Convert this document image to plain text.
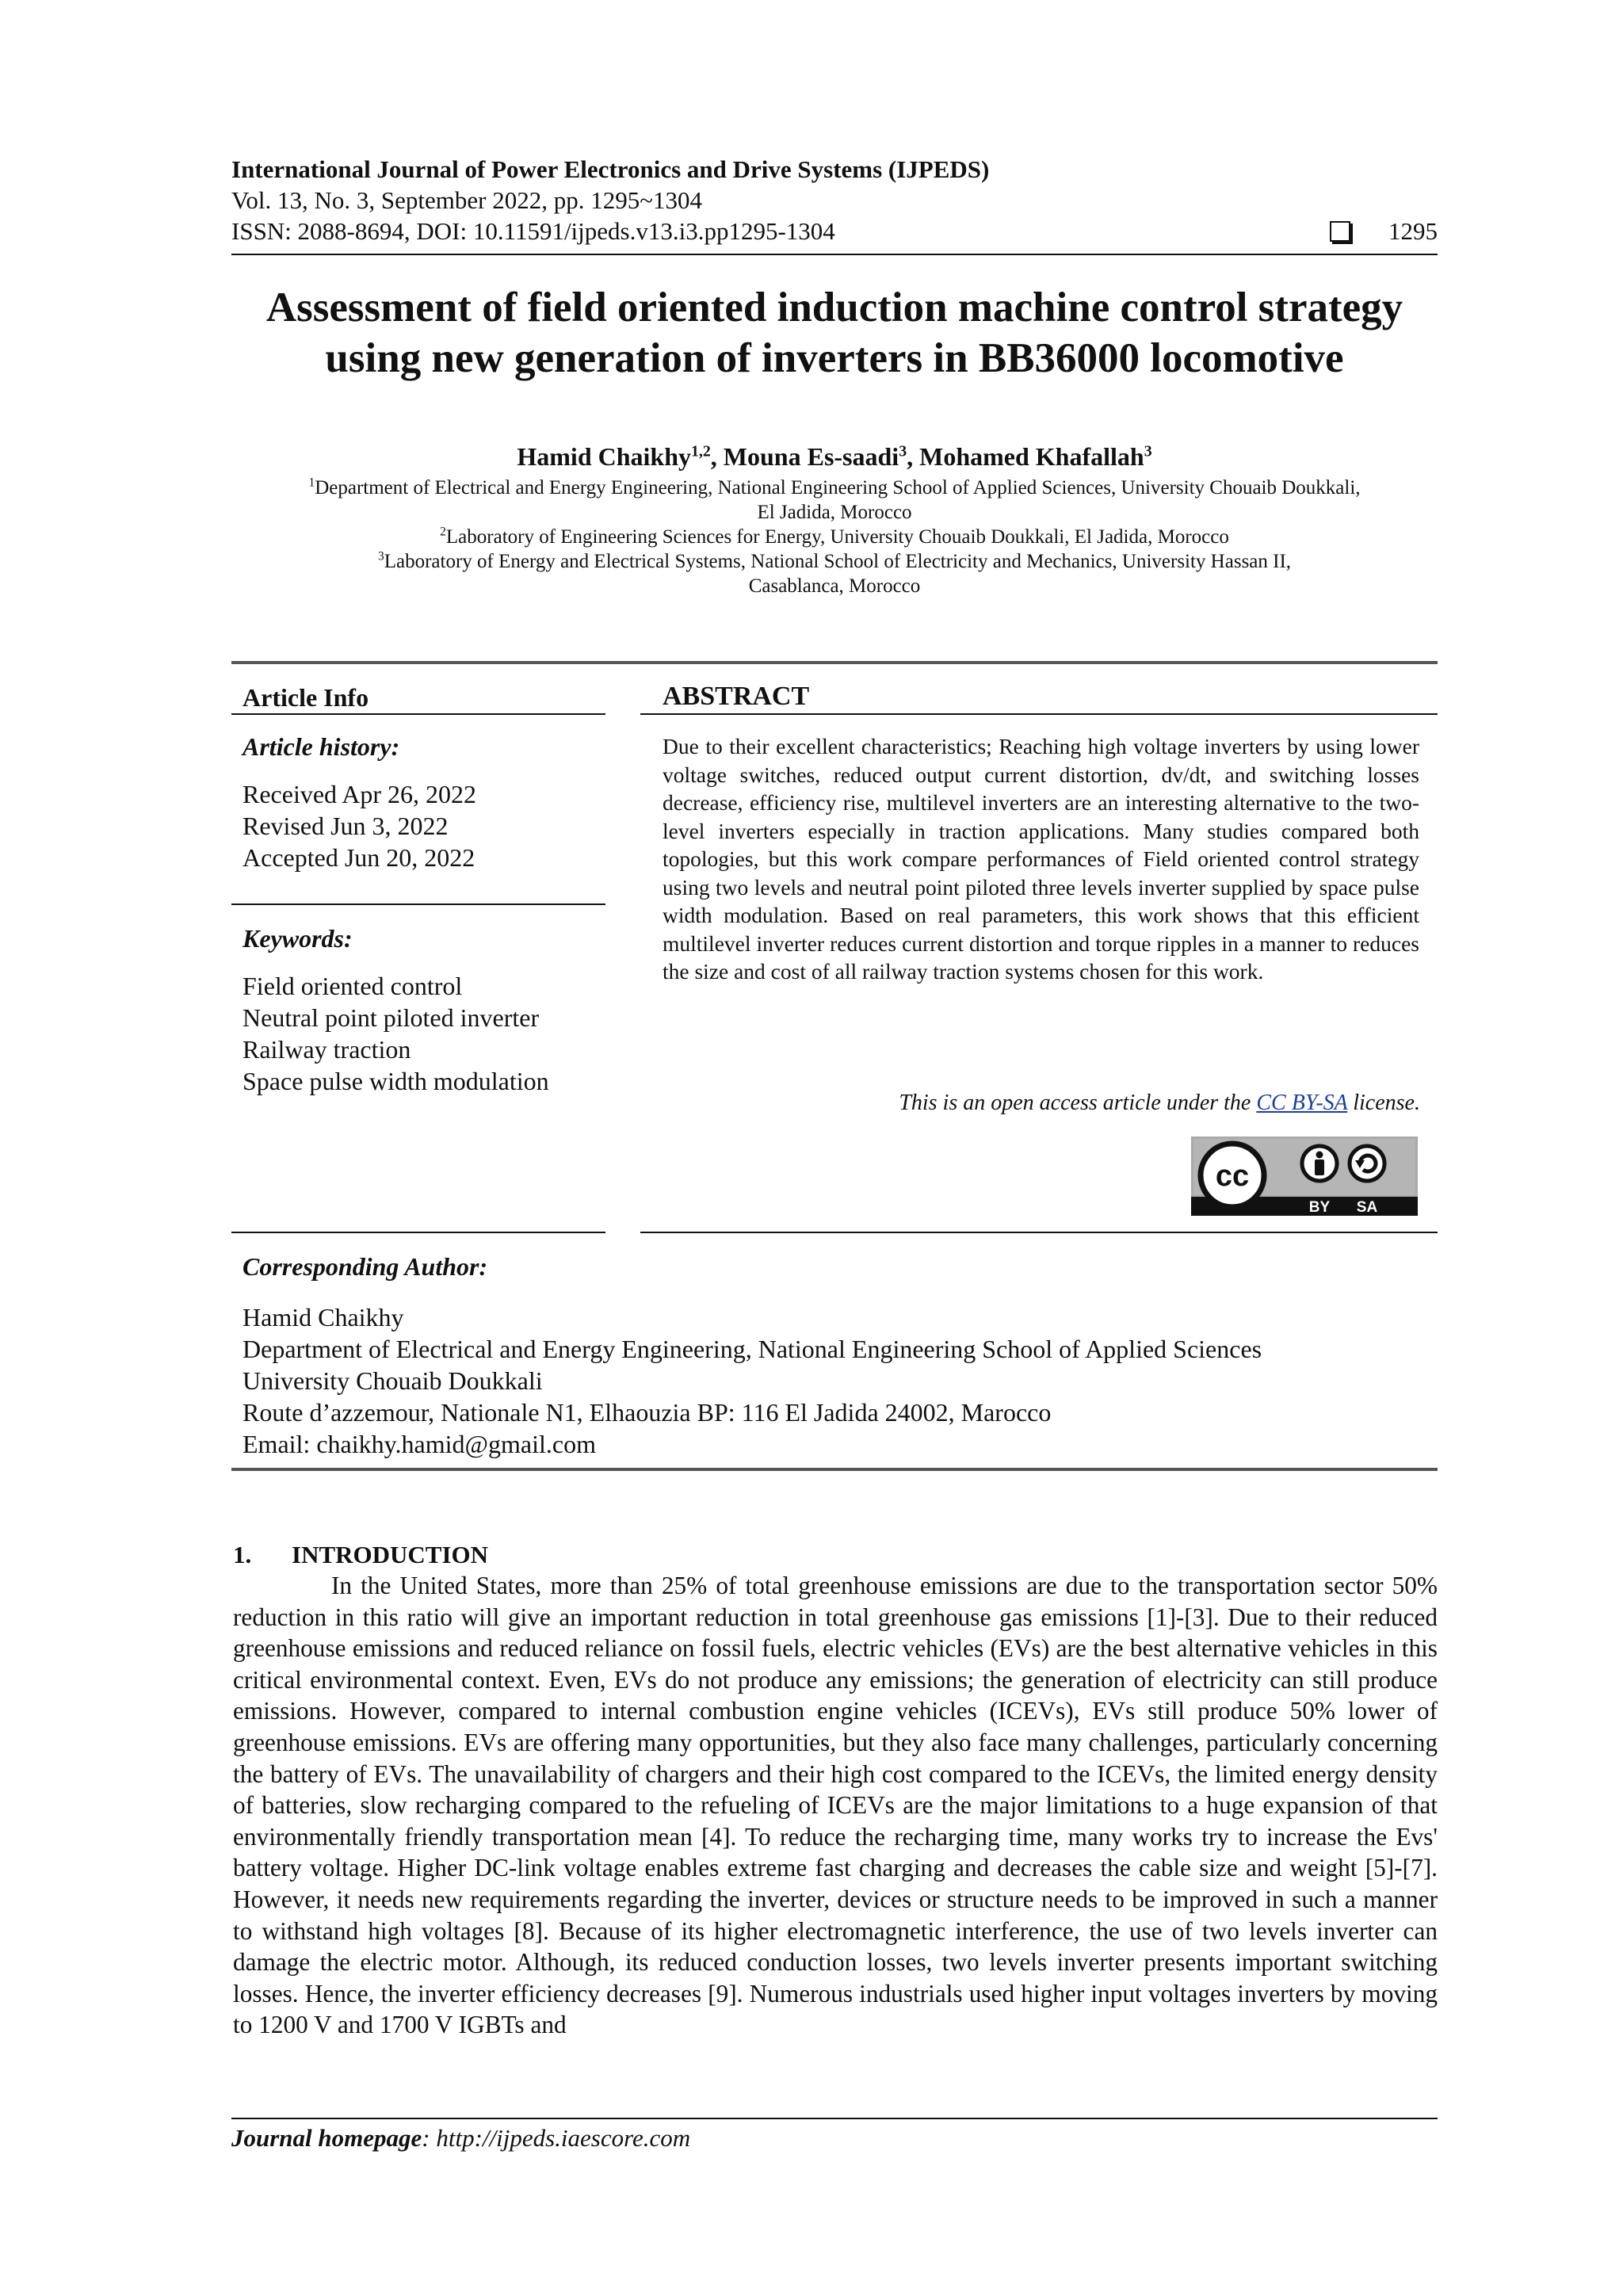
International Journal of Power Electronics and Drive Systems (IJPEDS)
Vol. 13, No. 3, September 2022, pp. 1295~1304
ISSN: 2088-8694, DOI: 10.11591/ijpeds.v13.i3.pp1295-1304	1295
Assessment of field oriented induction machine control strategy
using new generation of inverters in BB36000 locomotive
Hamid Chaikhy$^{1,2}$, Mouna Es-saadi$^3$, Mohamed Khafallah$^3$
$^1$Department of Electrical and Energy Engineering, National Engineering School of Applied Sciences, University Chouaib Doukkali,
El Jadida, Morocco
$^2$Laboratory of Engineering Sciences for Energy, University Chouaib Doukkali, El Jadida, Morocco
$^3$Laboratory of Energy and Electrical Systems, National School of Electricity and Mechanics, University Hassan II,
Casablanca, Morocco
Article Info
Article history:
Received Apr 26, 2022
Revised Jun 3, 2022
Accepted Jun 20, 2022
Keywords:
Field oriented control
Neutral point piloted inverter
Railway traction
Space pulse width modulation
ABSTRACT
Due to their excellent characteristics; Reaching high voltage inverters by using lower voltage switches, reduced output current distortion, dv/dt, and switching losses decrease, efficiency rise, multilevel inverters are an interesting alternative to the two-level inverters especially in traction applications. Many studies compared both topologies, but this work compare performances of Field oriented control strategy using two levels and neutral point piloted three levels inverter supplied by space pulse width modulation. Based on real parameters, this work shows that this efficient multilevel inverter reduces current distortion and torque ripples in a manner to reduces the size and cost of all railway traction systems chosen for this work.
This is an open access article under the CC BY-SA license.
cc
BY SA
Corresponding Author:
Hamid Chaikhy
Department of Electrical and Energy Engineering, National Engineering School of Applied Sciences
University Chouaib Doukkali
Route d’azzemour, Nationale N1, Elhaouzia BP: 116 El Jadida 24002, Marocco
Email: chaikhy.hamid@gmail.com
1. INTRODUCTION
In the United States, more than 25% of total greenhouse emissions are due to the transportation sector 50% reduction in this ratio will give an important reduction in total greenhouse gas emissions [1]-[3]. Due to their reduced greenhouse emissions and reduced reliance on fossil fuels, electric vehicles (EVs) are the best alternative vehicles in this critical environmental context. Even, EVs do not produce any emissions; the generation of electricity can still produce emissions. However, compared to internal combustion engine vehicles (ICEVs), EVs still produce 50% lower of greenhouse emissions. EVs are offering many opportunities, but they also face many challenges, particularly concerning the battery of EVs. The unavailability of chargers and their high cost compared to the ICEVs, the limited energy density of batteries, slow recharging compared to the refueling of ICEVs are the major limitations to a huge expansion of that environmentally friendly transportation mean [4]. To reduce the recharging time, many works try to increase the Evs' battery voltage. Higher DC-link voltage enables extreme fast charging and decreases the cable size and weight [5]-[7]. However, it needs new requirements regarding the inverter, devices or structure needs to be improved in such a manner to withstand high voltages [8]. Because of its higher electromagnetic interference, the use of two levels inverter can damage the electric motor. Although, its reduced conduction losses, two levels inverter presents important switching losses. Hence, the inverter efficiency decreases [9]. Numerous industrials used higher input voltages inverters by moving to 1200 V and 1700 V IGBTs and
Journal homepage: http://ijpeds.iaescore.com
